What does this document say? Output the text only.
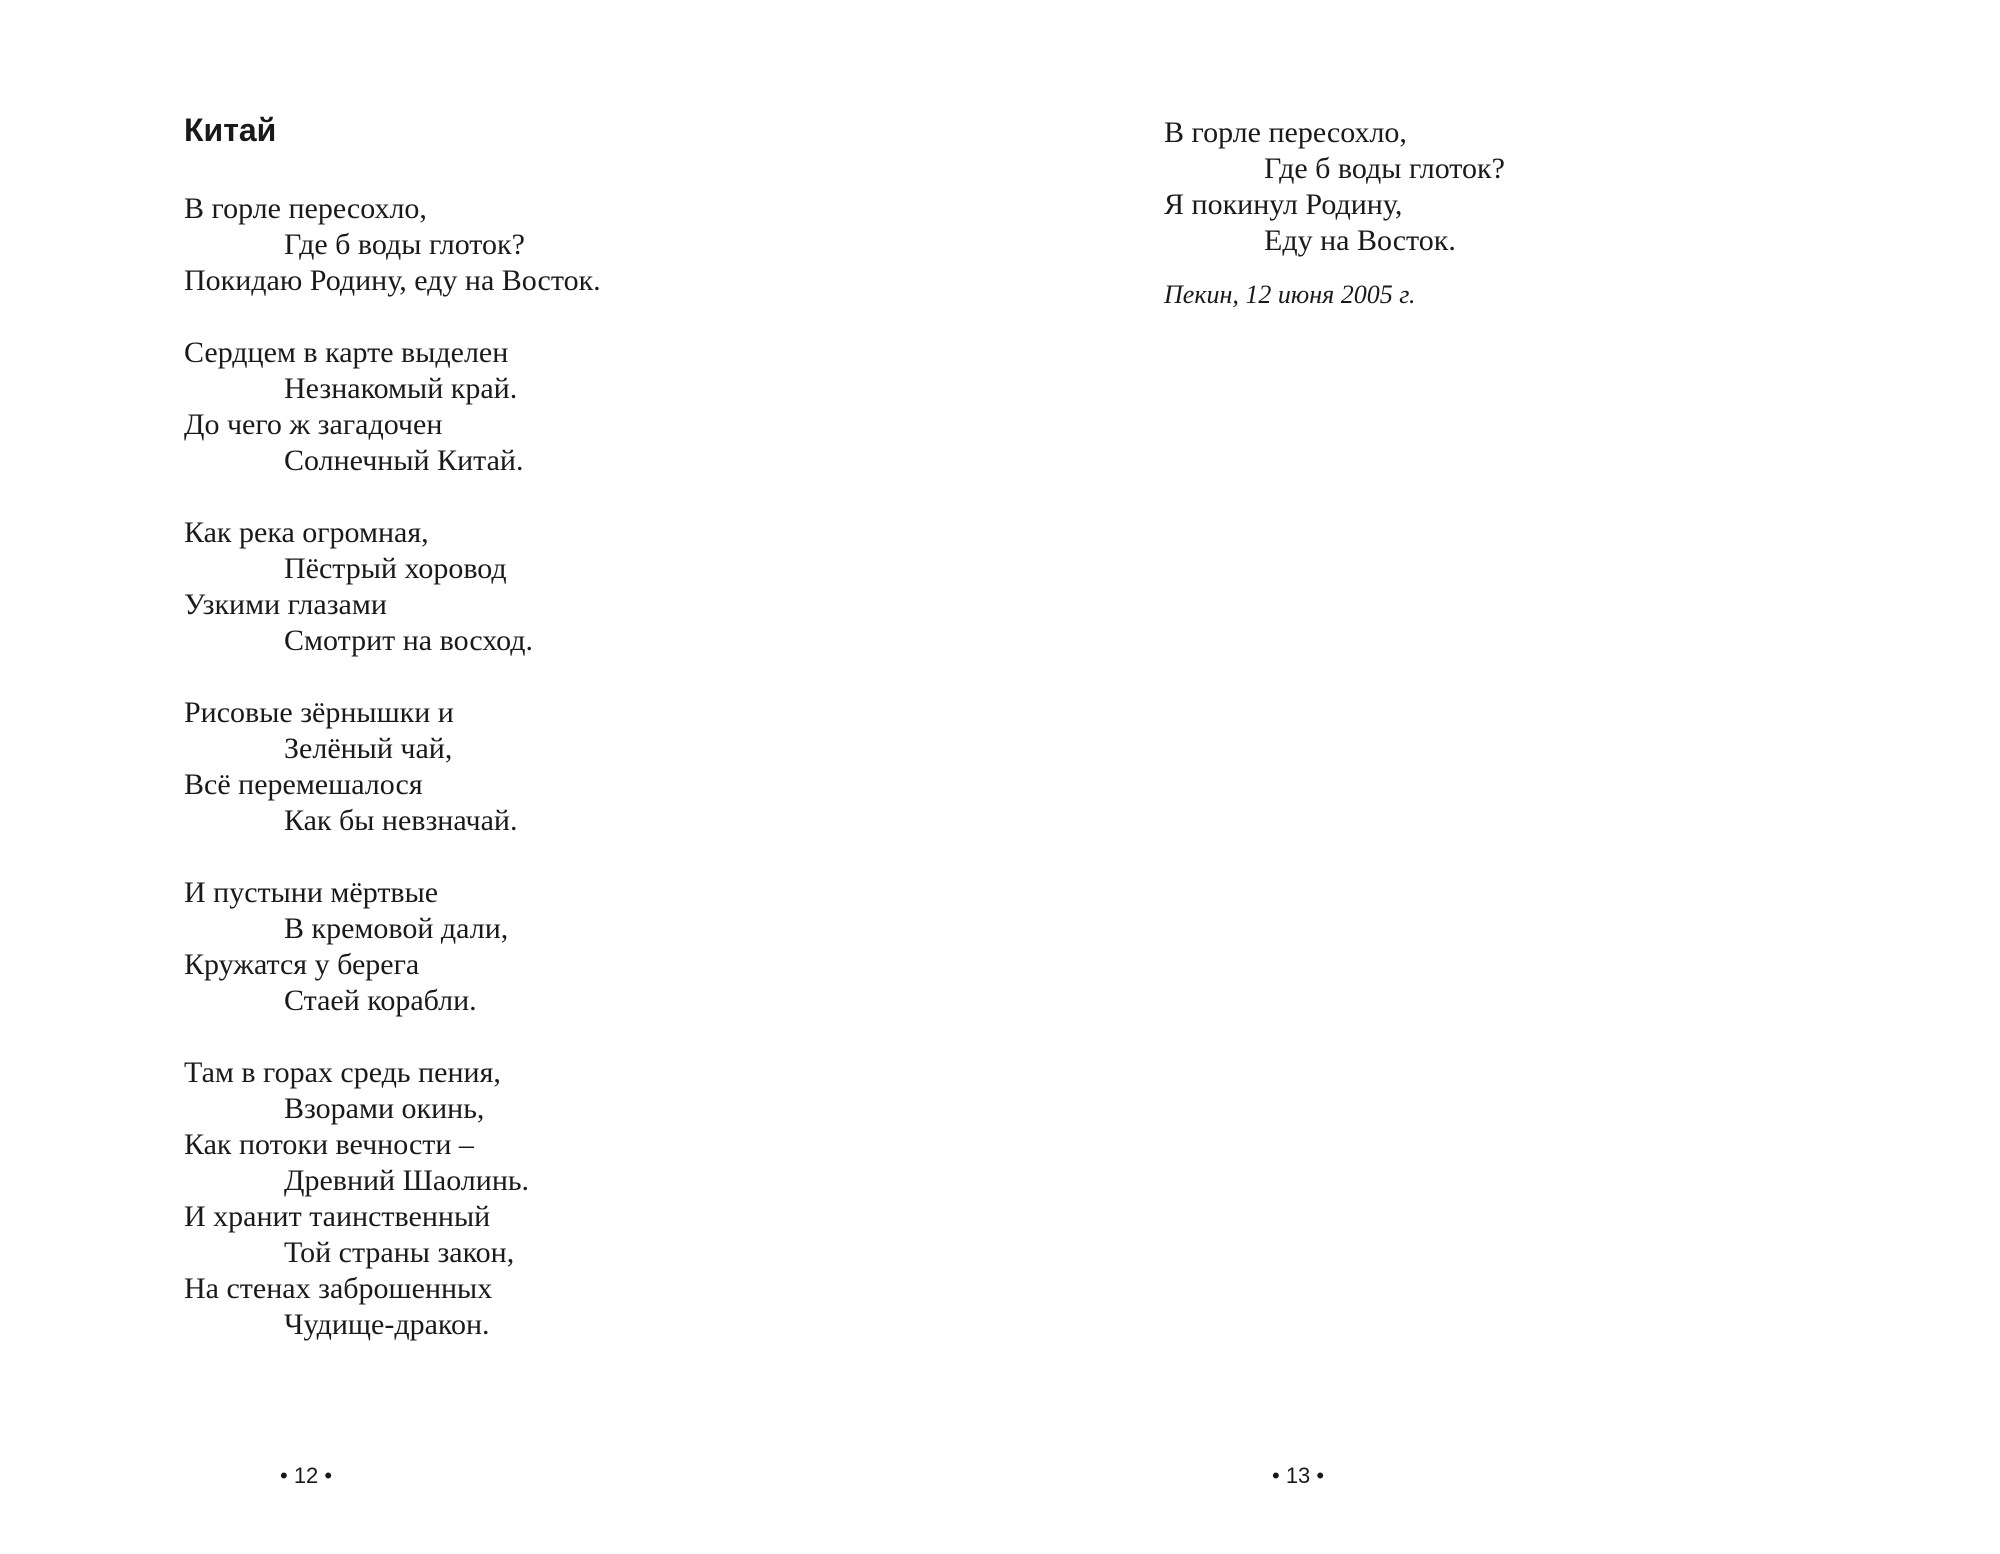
Китай
В горле пересохло,
Где б воды глоток?
Покидаю Родину, еду на Восток.
Сердцем в карте выделен
Незнакомый край.
До чего ж загадочен
Солнечный Китай.
Как река огромная,
Пёстрый хоровод
Узкими глазами
Смотрит на восход.
Рисовые зёрнышки и
Зелёный чай,
Всё перемешалося
Как бы невзначай.
И пустыни мёртвые
В кремовой дали,
Кружатся у берега
Стаей корабли.
Там в горах средь пения,
Взорами окинь,
Как потоки вечности –
Древний Шаолинь.
И хранит таинственный
Той страны закон,
На стенах заброшенных
Чудище-дракон.
• 12 •
В горле пересохло,
Где б воды глоток?
Я покинул Родину,
Еду на Восток.
Пекин, 12 июня 2005 г.
• 13 •
